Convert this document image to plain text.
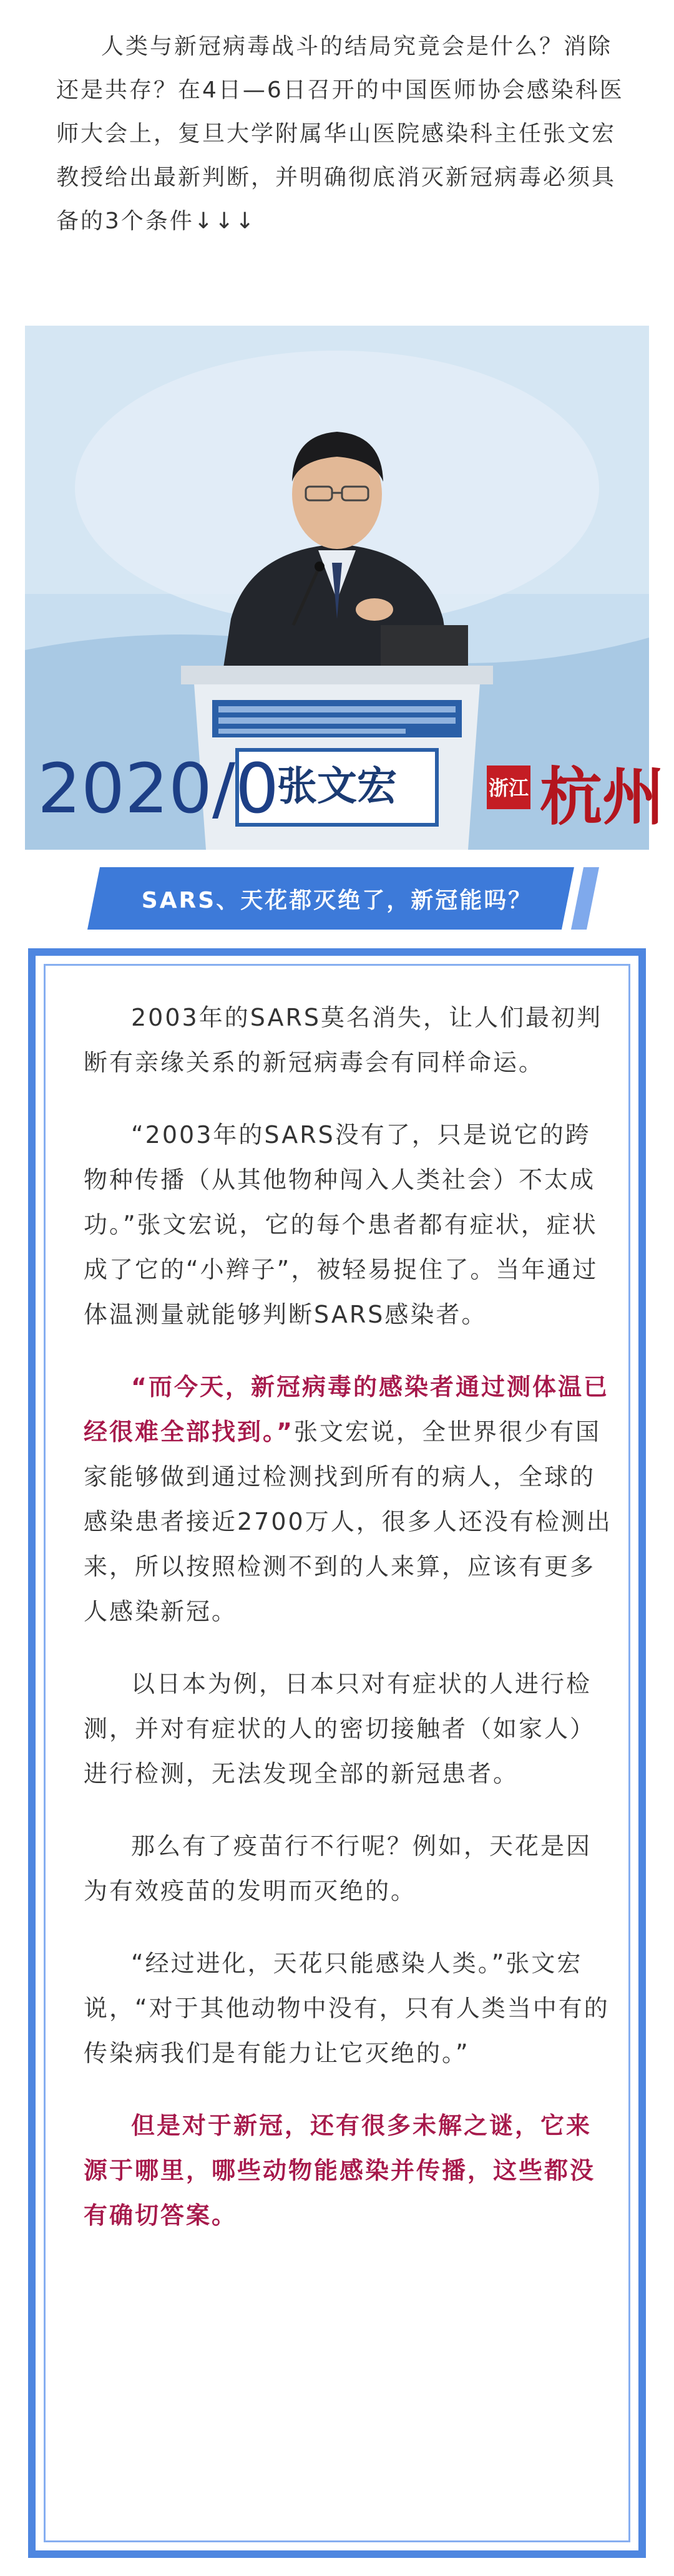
人类与新冠病毒战斗的结局究竟会是什么？消除还是共存？在4日—6日召开的中国医师协会感染科医师大会上，复旦大学附属华山医院感染科主任张文宏教授给出最新判断，并明确彻底消灭新冠病毒必须具备的3个条件↓↓↓

张文宏
2020/0	浙江 杭州
SARS、天花都灭绝了，新冠能吗？

2003年的SARS莫名消失，让人们最初判断有亲缘关系的新冠病毒会有同样命运。

“2003年的SARS没有了，只是说它的跨物种传播（从其他物种闯入人类社会）不太成功。”张文宏说，它的每个患者都有症状，症状成了它的“小辫子”，被轻易捉住了。当年通过体温测量就能够判断SARS感染者。

“而今天，新冠病毒的感染者通过测体温已经很难全部找到。”张文宏说，全世界很少有国家能够做到通过检测找到所有的病人，全球的感染患者接近2700万人，很多人还没有检测出来，所以按照检测不到的人来算，应该有更多人感染新冠。

以日本为例，日本只对有症状的人进行检测，并对有症状的人的密切接触者（如家人）进行检测，无法发现全部的新冠患者。

那么有了疫苗行不行呢？例如，天花是因为有效疫苗的发明而灭绝的。

“经过进化，天花只能感染人类。”张文宏说，“对于其他动物中没有，只有人类当中有的传染病我们是有能力让它灭绝的。”

但是对于新冠，还有很多未解之谜，它来源于哪里，哪些动物能感染并传播，这些都没有确切答案。
